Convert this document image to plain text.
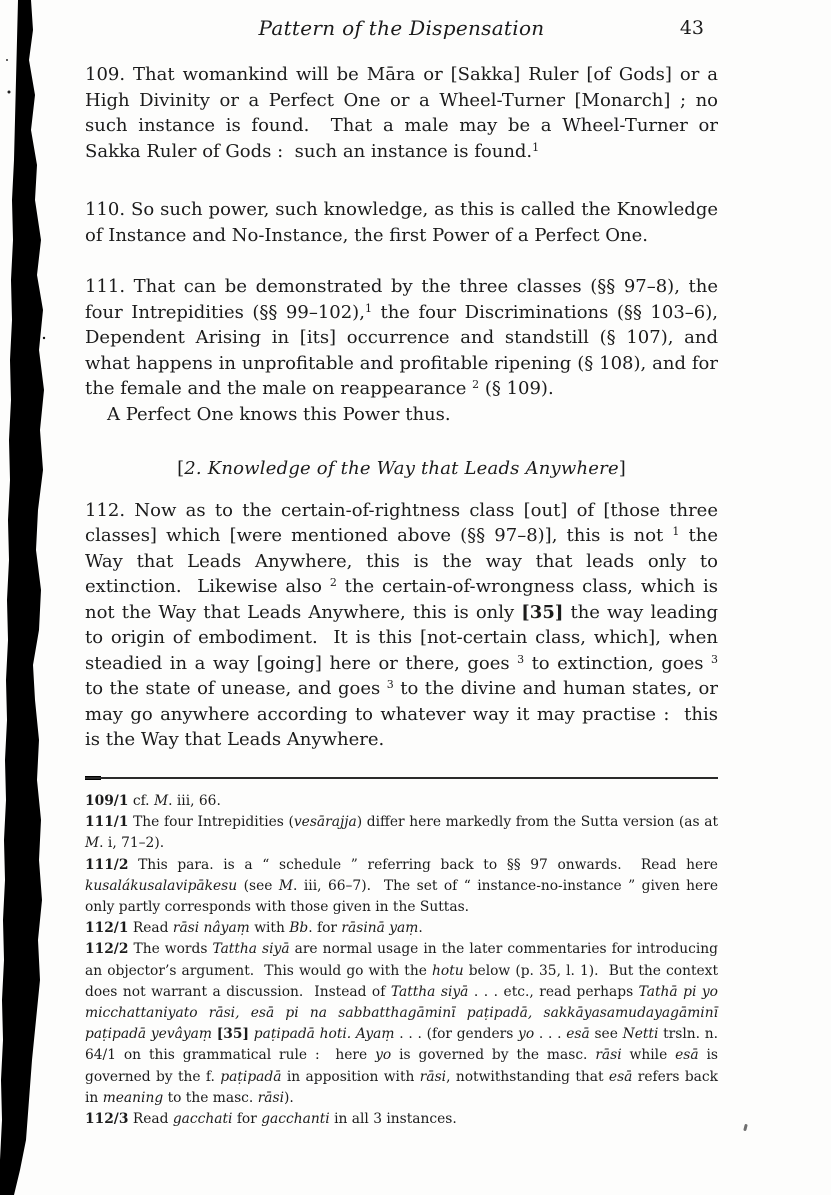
Pattern of the Dispensation	43

109. That womankind will be Māra or [Sakka] Ruler [of Gods] or a High Divinity or a Perfect One or a Wheel-Turner [Monarch] ; no such instance is found.  That a male may be a Wheel-Turner or Sakka Ruler of Gods :  such an instance is found.$^1$

110. So such power, such knowledge, as this is called the Knowledge of Instance and No-Instance, the first Power of a Perfect One.

111. That can be demonstrated by the three classes (§§ 97–8), the four Intrepidities (§§ 99–102),$^1$ the four Discriminations (§§ 103–6), Dependent Arising in [its] occurrence and standstill (§ 107), and what happens in unprofitable and profitable ripening (§ 108), and for the female and the male on reappearance $^2$ (§ 109).

A Perfect One knows this Power thus.

[2. Knowledge of the Way that Leads Anywhere]

112. Now as to the certain-of-rightness class [out] of [those three classes] which [were mentioned above (§§ 97–8)], this is not $^1$ the Way that Leads Anywhere, this is the way that leads only to extinction.  Likewise also $^2$ the certain-of-wrongness class, which is not the Way that Leads Anywhere, this is only [35] the way leading to origin of embodiment.  It is this [not-certain class, which], when steadied in a way [going] here or there, goes $^3$ to extinction, goes $^3$ to the state of unease, and goes $^3$ to the divine and human states, or may go anywhere according to whatever way it may practise :  this is the Way that Leads Anywhere.

109/1 cf. M. iii, 66.

111/1 The four Intrepidities (vesārajja) differ here markedly from the Sutta version (as at M. i, 71–2).

111/2 This para. is a “ schedule ” referring back to §§ 97 onwards.  Read here kusalákusalavipākesu (see M. iii, 66–7).  The set of “ instance-no-instance ” given here only partly corresponds with those given in the Suttas.

112/1 Read rāsi nâyaṃ with Bb. for rāsinā yaṃ.

112/2 The words Tattha siyā are normal usage in the later commentaries for introducing an objector’s argument.  This would go with the hotu below (p. 35, l. 1).  But the context does not warrant a discussion.  Instead of Tattha siyā . . . etc., read perhaps Tathā pi yo micchattaniyato rāsi, esā pi na sabbatthagāminī paṭipadā, sakkāyasamudayagāminī paṭipadā yevâyaṃ [35] paṭipadā hoti. Ayaṃ . . . (for genders yo . . . esā see Netti trsln. n. 64/1 on this grammatical rule :  here yo is governed by the masc. rāsi while esā is governed by the f. paṭipadā in apposition with rāsi, notwithstanding that esā refers back in meaning to the masc. rāsi).

112/3 Read gacchati for gacchanti in all 3 instances.
